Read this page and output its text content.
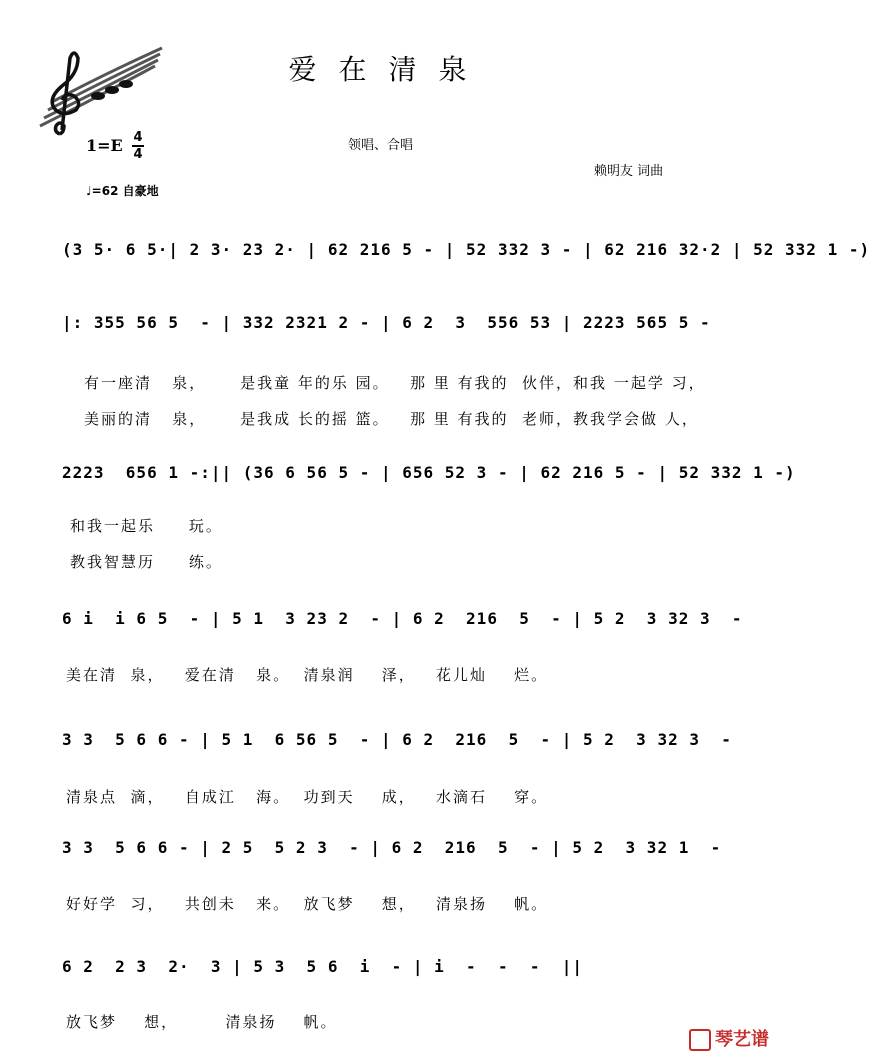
爱在清泉
1=E 4
4
领唱、合唱
赖明友 词曲
♩=62 自豪地
(3 5· 6 5·| 2 3· 23 2· | 62 216 5 - | 52 332 3 - | 62 216 32·2 | 52 332 1 -)
|: 355 56 5  - | 332 2321 2 - | 6 2  3  556 53 | 2223 565 5 -
有一座清   泉，     是我童 年的乐 园。   那 里 有我的  伙伴，和我 一起学 习，
美丽的清   泉，     是我成 长的摇 篮。   那 里 有我的  老师，教我学会做 人，
2223  656 1 -:|| (36 6 56 5 - | 656 52 3 - | 62 216 5 - | 52 332 1 -)
和我一起乐     玩。
教我智慧历     练。
6 i  i 6 5  - | 5 1  3 23 2  - | 6 2  216  5  - | 5 2  3 32 3  -
美在清  泉，   爱在清   泉。  清泉润    泽，   花儿灿    烂。
3 3  5 6 6 - | 5 1  6 56 5  - | 6 2  216  5  - | 5 2  3 32 3  -
清泉点  滴，   自成江   海。  功到天    成，   水滴石    穿。
3 3  5 6 6 - | 2 5  5 2 3  - | 6 2  216  5  - | 5 2  3 32 1  -
好好学  习，   共创未   来。  放飞梦    想，   清泉扬    帆。
6 2  2 3  2·  3 | 5 3  5 6  i  - | i  -  -  -  ||
放飞梦    想，       清泉扬    帆。
琴艺谱
